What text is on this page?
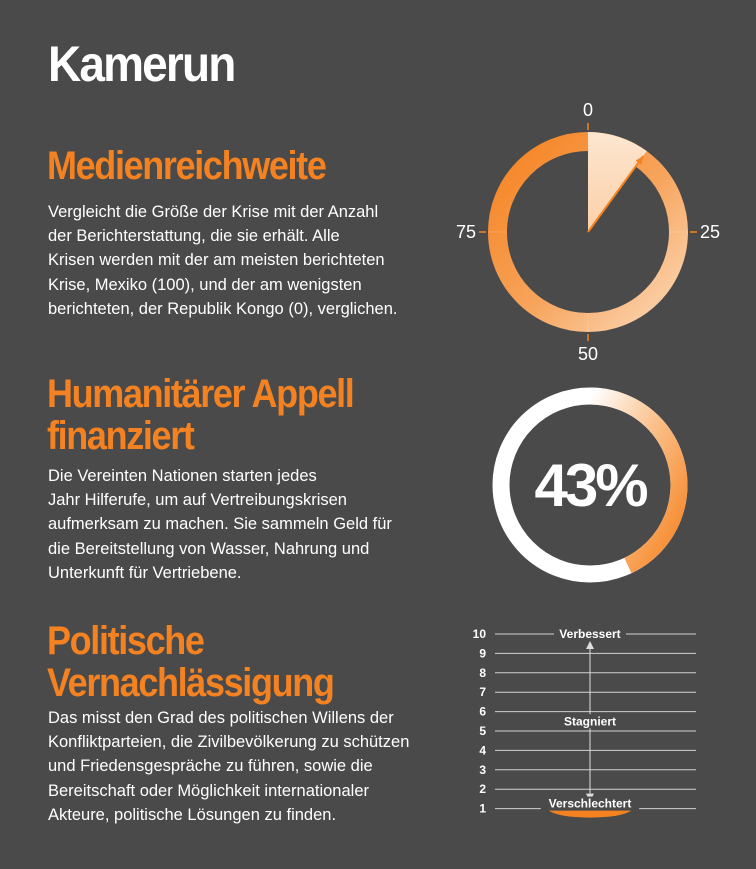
Kamerun
Medienreichweite
Vergleicht die Größe der Krise mit der Anzahl
der Berichterstattung, die sie erhält. Alle
Krisen werden mit der am meisten berichteten
Krise, Mexiko (100), und der am wenigsten
berichteten, der Republik Kongo (0), verglichen.
0
25
50
75
Humanitärer Appell
finanziert
Die Vereinten Nationen starten jedes
Jahr Hilferufe, um auf Vertreibungskrisen
aufmerksam zu machen. Sie sammeln Geld für
die Bereitstellung von Wasser, Nahrung und
Unterkunft für Vertriebene.
43%
Politische
Vernachlässigung
Das misst den Grad des politischen Willens der
Konfliktparteien, die Zivilbevölkerung zu schützen
und Friedensgespräche zu führen, sowie die
Bereitschaft oder Möglichkeit internationaler
Akteure, politische Lösungen zu finden.	1
2
3
4
5
6
7
8
9
10	Verbessert
Stagniert
Verschlechtert
